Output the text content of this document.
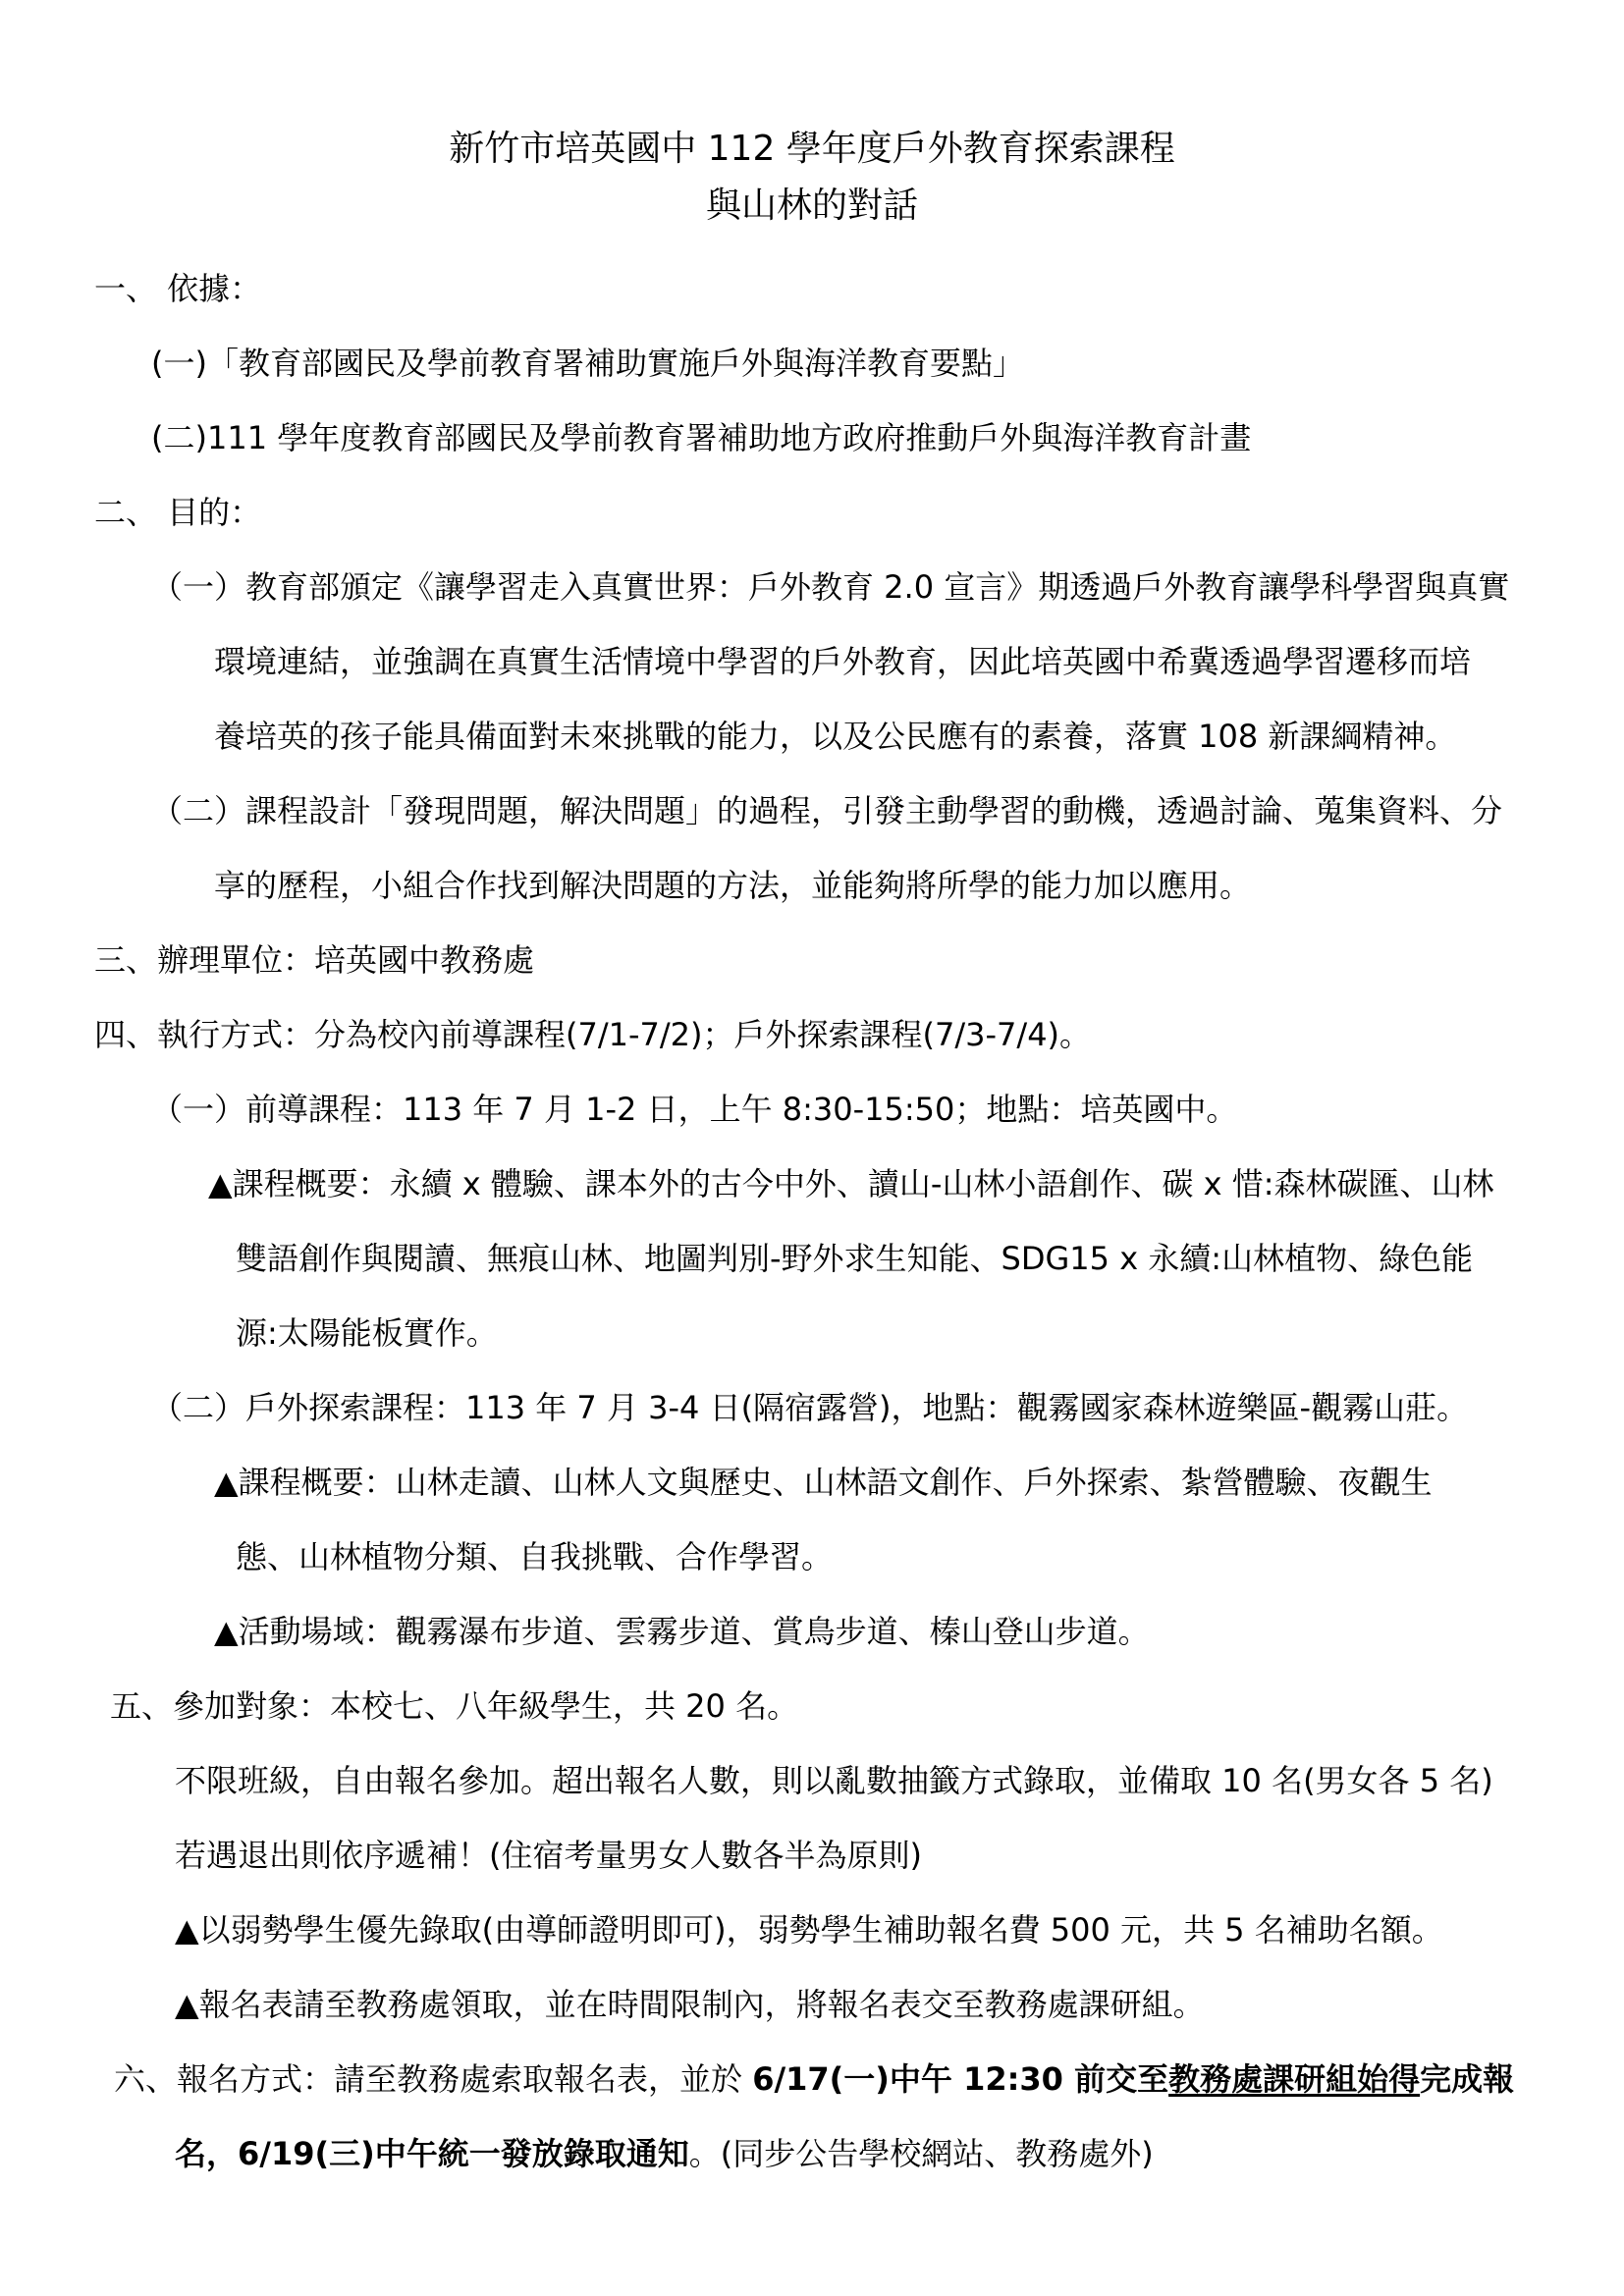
新竹市培英國中 112 學年度戶外教育探索課程
與山林的對話
一、 依據：
(一)「教育部國民及學前教育署補助實施戶外與海洋教育要點」
(二)111 學年度教育部國民及學前教育署補助地方政府推動戶外與海洋教育計畫
二、 目的：
（一）教育部頒定《讓學習走入真實世界：戶外教育 2.0 宣言》期透過戶外教育讓學科學習與真實
環境連結，並強調在真實生活情境中學習的戶外教育，因此培英國中希冀透過學習遷移而培
養培英的孩子能具備面對未來挑戰的能力，以及公民應有的素養，落實 108 新課綱精神。
（二）課程設計「發現問題，解決問題」的過程，引發主動學習的動機，透過討論、蒐集資料、分
享的歷程，小組合作找到解決問題的方法，並能夠將所學的能力加以應用。
三、辦理單位：培英國中教務處
四、執行方式：分為校內前導課程(7/1-7/2)；戶外探索課程(7/3-7/4)。
（一）前導課程：113 年 7 月 1-2 日，上午 8:30-15:50；地點：培英國中。
▲課程概要：永續 x 體驗、課本外的古今中外、讀山-山林小語創作、碳 x 惜:森林碳匯、山林
雙語創作與閱讀、無痕山林、地圖判別-野外求生知能、SDG15 x 永續:山林植物、綠色能
源:太陽能板實作。
（二）戶外探索課程：113 年 7 月 3-4 日(隔宿露營)，地點：觀霧國家森林遊樂區-觀霧山莊。
▲課程概要：山林走讀、山林人文與歷史、山林語文創作、戶外探索、紮營體驗、夜觀生
態、山林植物分類、自我挑戰、合作學習。
▲活動場域：觀霧瀑布步道、雲霧步道、賞鳥步道、榛山登山步道。
五、參加對象：本校七、八年級學生，共 20 名。
不限班級，自由報名參加。超出報名人數，則以亂數抽籤方式錄取，並備取 10 名(男女各 5 名)
若遇退出則依序遞補！(住宿考量男女人數各半為原則)
▲以弱勢學生優先錄取(由導師證明即可)，弱勢學生補助報名費 500 元，共 5 名補助名額。
▲報名表請至教務處領取，並在時間限制內，將報名表交至教務處課研組。
六、報名方式：請至教務處索取報名表，並於 6/17(一)中午 12:30 前交至教務處課研組始得完成報
名，6/19(三)中午統一發放錄取通知。(同步公告學校網站、教務處外)
